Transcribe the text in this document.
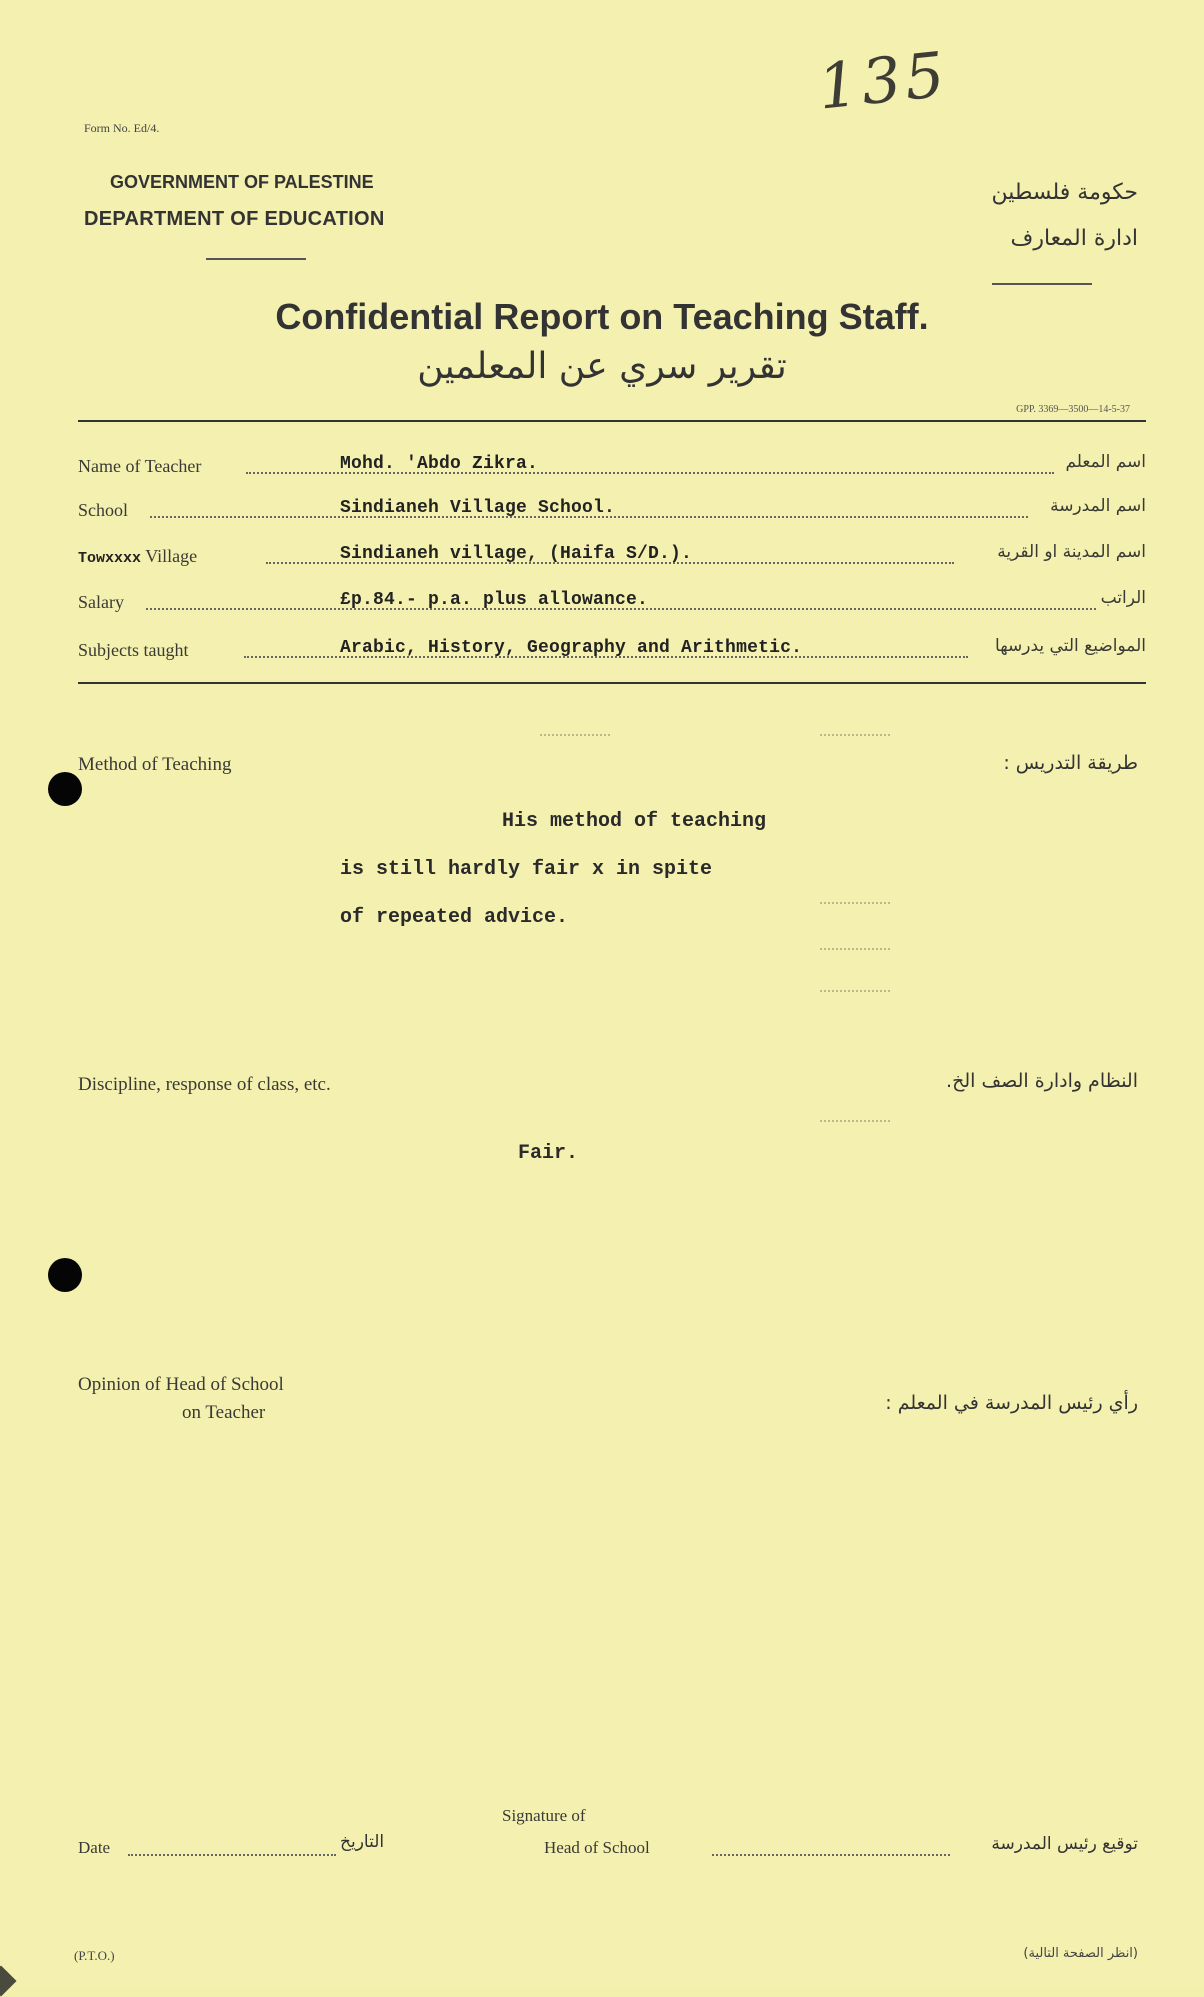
135
Form No. Ed/4.
GOVERNMENT OF PALESTINE
DEPARTMENT OF EDUCATION
حكومة فلسطين
ادارة المعارف
Confidential Report on Teaching Staff.
تقرير سري عن المعلمين
GPP. 3369—3500—14-5-37
Name of Teacher	Mohd. 'Abdo Zikra.	اسم المعلم
School	Sindianeh Village School.	اسم المدرسة
Towxxxx Village	Sindianeh village, (Haifa S/D.).	اسم المدينة او القرية
Salary	£p.84.- p.a. plus allowance.	الراتب
Subjects taught	Arabic, History, Geography and Arithmetic.	المواضيع التي يدرسها
Method of Teaching	طريقة التدريس :
His method of teaching
is still hardly fair x in spite
of repeated advice.
Discipline, response of class, etc.	النظام وادارة الصف الخ.
Fair.
Opinion of Head of School
on Teacher	رأي رئيس المدرسة في المعلم :
Date	التاريخ
Signature of
Head of School	توقيع رئيس المدرسة
(P.T.O.)	(انظر الصفحة التالية)
